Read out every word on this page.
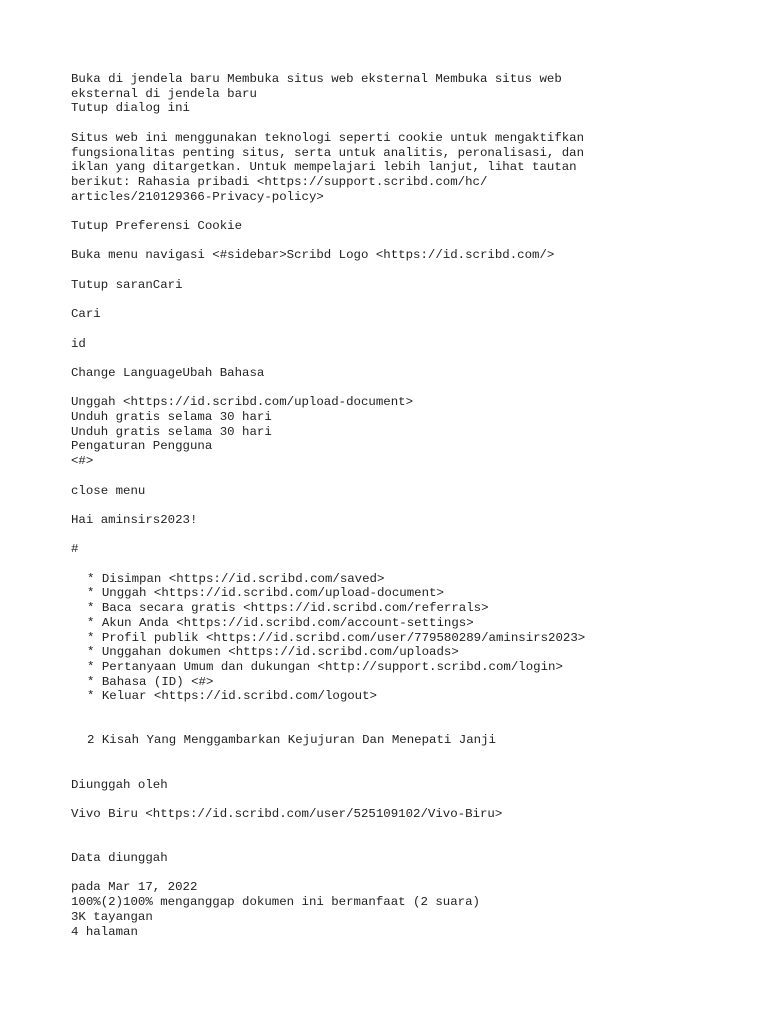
Buka di jendela baru Membuka situs web eksternal Membuka situs web
eksternal di jendela baru
Tutup dialog ini
Situs web ini menggunakan teknologi seperti cookie untuk mengaktifkan
fungsionalitas penting situs, serta untuk analitis, peronalisasi, dan
iklan yang ditargetkan. Untuk mempelajari lebih lanjut, lihat tautan
berikut: Rahasia pribadi <https://support.scribd.com/hc/
articles/210129366-Privacy-policy>
Tutup Preferensi Cookie
Buka menu navigasi <#sidebar>Scribd Logo <https://id.scribd.com/>
Tutup saranCari
Cari
id
Change LanguageUbah Bahasa
Unggah <https://id.scribd.com/upload-document>
Unduh gratis selama 30 hari
Unduh gratis selama 30 hari
Pengaturan Pengguna
<#>
close menu
Hai aminsirs2023!
#
* Disimpan <https://id.scribd.com/saved>
* Unggah <https://id.scribd.com/upload-document>
* Baca secara gratis <https://id.scribd.com/referrals>
* Akun Anda <https://id.scribd.com/account-settings>
* Profil publik <https://id.scribd.com/user/779580289/aminsirs2023>
* Unggahan dokumen <https://id.scribd.com/uploads>
* Pertanyaan Umum dan dukungan <http://support.scribd.com/login>
* Bahasa (ID) <#>
* Keluar <https://id.scribd.com/logout>
2 Kisah Yang Menggambarkan Kejujuran Dan Menepati Janji
Diunggah oleh
Vivo Biru <https://id.scribd.com/user/525109102/Vivo-Biru>
Data diunggah
pada Mar 17, 2022
100%(2)100% menganggap dokumen ini bermanfaat (2 suara)
3K tayangan
4 halaman
